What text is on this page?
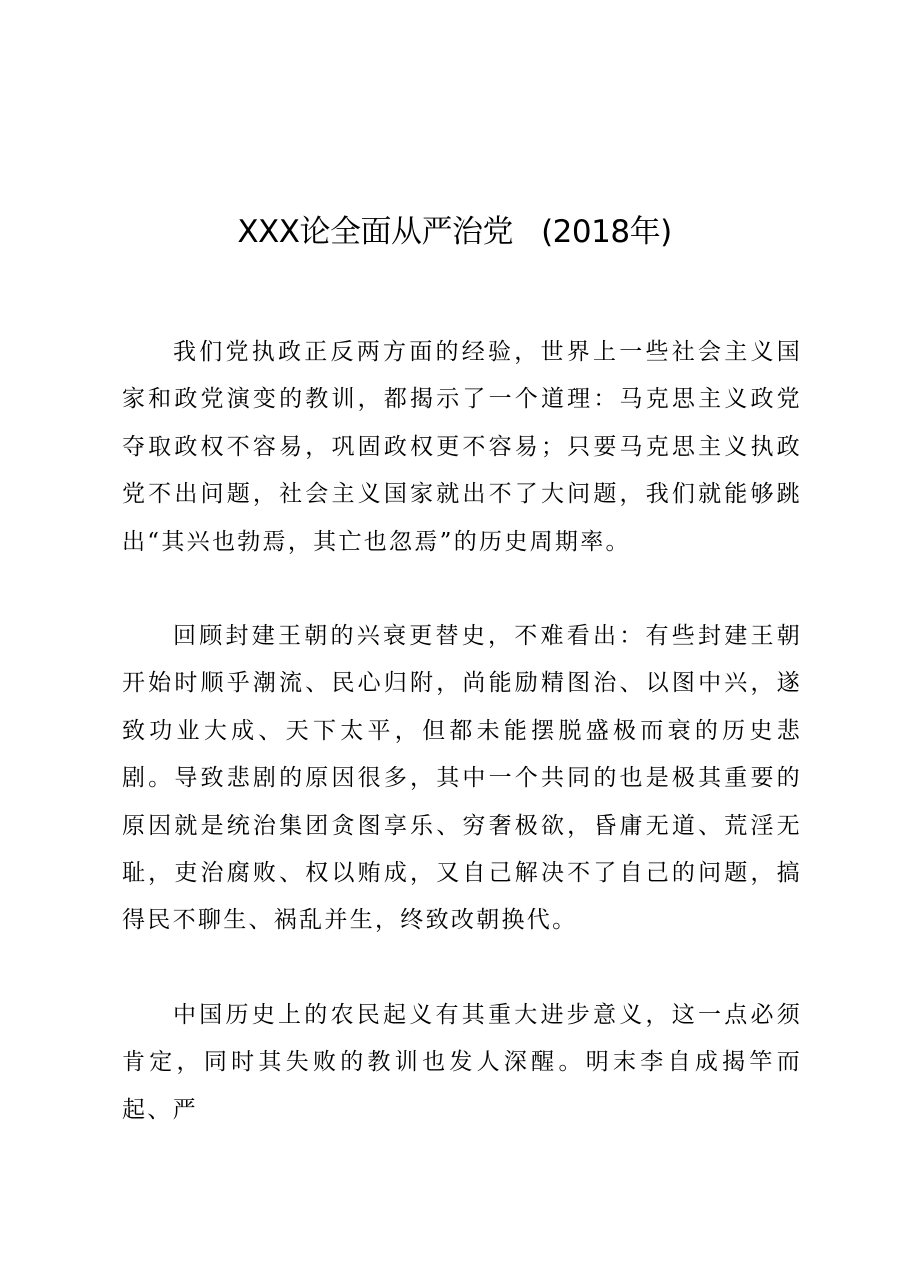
XXX论全面从严治党   (2018年)

我们党执政正反两方面的经验，世界上一些社会主义国家和政党演变的教训，都揭示了一个道理：马克思主义政党夺取政权不容易，巩固政权更不容易；只要马克思主义执政党不出问题，社会主义国家就出不了大问题，我们就能够跳出“其兴也勃焉，其亡也忽焉”的历史周期率。

回顾封建王朝的兴衰更替史，不难看出：有些封建王朝开始时顺乎潮流、民心归附，尚能励精图治、以图中兴，遂致功业大成、天下太平，但都未能摆脱盛极而衰的历史悲剧。导致悲剧的原因很多，其中一个共同的也是极其重要的原因就是统治集团贪图享乐、穷奢极欲，昏庸无道、荒淫无耻，吏治腐败、权以贿成，又自己解决不了自己的问题，搞得民不聊生、祸乱并生，终致改朝换代。

中国历史上的农民起义有其重大进步意义，这一点必须肯定，同时其失败的教训也发人深醒。明末李自成揭竿而起、严
